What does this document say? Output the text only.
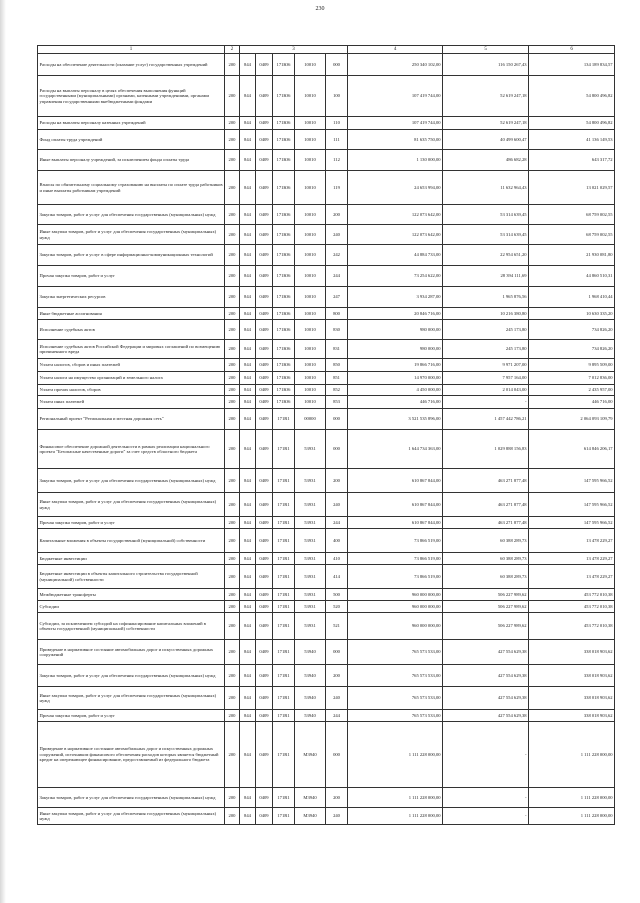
230
1	2	3					4	5	6
Расходы на обеспечение деятельности (оказание услуг) государственных учреждений	200	844	0409	171Ю6	10010	000	250 340 102,00	116 150 267,43	134 189 834,57
Расходы на выплаты персоналу в целях обеспечения выполнения функций государственными (муниципальными) органами, казенными учреждениями, органами управления государственными внебюджетными фондами	200	844	0409	171Ю6	10010	100	107 419 744,00	52 619 247,18	54 800 496,82
Расходы на выплаты персоналу казенных учреждений	200	844	0409	171Ю6	10010	110	107 419 744,00	52 619 247,18	54 800 496,82
Фонд оплаты труда учреждений	200	844	0409	171Ю6	10010	111	81 635 750,00	40 499 600,47	41 136 149,53
Иные выплаты персоналу учреждений, за исключением фонда оплаты труда	200	844	0409	171Ю6	10010	112	1 130 000,00	486 682,28	643 317,72
Взносы по обязательному социальному страхованию на выплаты по оплате труда работников и иные выплаты работникам учреждений	200	844	0409	171Ю6	10010	119	24 653 994,00	11 632 964,43	13 021 029,57
Закупка товаров, работ и услуг для обеспечения государственных (муниципальных) нужд	200	844	0409	171Ю6	10010	200	122 073 642,00	53 314 639,45	68 759 002,55
Иные закупки товаров, работ и услуг для обеспечения государственных (муниципальных) нужд	200	844	0409	171Ю6	10010	240	122 073 642,00	53 314 639,45	68 759 002,55
Закупка товаров, работ и услуг в сфере информационно-коммуникационных технологий	200	844	0409	171Ю6	10010	242	44 884 733,00	22 954 651,20	21 930 081,80
Прочая закупка товаров, работ и услуг	200	844	0409	171Ю6	10010	244	73 254 622,00	28 394 111,69	44 860 510,31
Закупка энергетических ресурсов	200	844	0409	171Ю6	10010	247	3 934 287,00	1 965 876,56	1 968 410,44
Иные бюджетные ассигнования	200	844	0409	171Ю6	10010	800	20 846 716,00	10 216 380,80	10 630 335,20
Исполнение судебных актов	200	844	0409	171Ю6	10010	830	980 000,00	245 173,80	734 826,20
Исполнение судебных актов Российской Федерации и мировых соглашений по возмещению причиненного вреда	200	844	0409	171Ю6	10010	831	980 000,00	245 173,80	734 826,20
Уплата налогов, сборов и иных платежей	200	844	0409	171Ю6	10010	850	19 866 716,00	9 971 207,00	9 895 509,00
Уплата налога на имущество организаций и земельного налога	200	844	0409	171Ю6	10010	851	14 970 000,00	7 957 164,00	7 012 836,00
Уплата прочих налогов, сборов	200	844	0409	171Ю6	10010	852	4 450 000,00	2 014 043,00	2 435 957,00
Уплата иных платежей	200	844	0409	171Ю6	10010	853	446 716,00	-	446 716,00
Региональный проект "Региональная и местная дорожная сеть"	200	844	0409	171R1	00000	000	3 521 535 896,00	1 457 442 786,21	2 064 093 109,79
Финансовое обеспечение дорожной деятельности в рамках реализации национального проекта "Безопасные качественные дороги" за счет средств областного бюджета	200	844	0409	171R1	53931	000	1 644 734 363,00	1 029 888 156,83	614 846 206,17
Закупка товаров, работ и услуг для обеспечения государственных (муниципальных) нужд	200	844	0409	171R1	53931	200	610 867 844,00	463 271 877,48	147 595 966,52
Иные закупки товаров, работ и услуг для обеспечения государственных (муниципальных) нужд	200	844	0409	171R1	53931	240	610 867 844,00	463 271 877,48	147 595 966,52
Прочая закупка товаров, работ и услуг	200	844	0409	171R1	53931	244	610 867 844,00	463 271 877,48	147 595 966,52
Капитальные вложения в объекты государственной (муниципальной) собственности	200	844	0409	171R1	53931	400	73 866 519,00	60 388 289,73	13 478 229,27
Бюджетные инвестиции	200	844	0409	171R1	53931	410	73 866 519,00	60 388 289,73	13 478 229,27
Бюджетные инвестиции в объекты капитального строительства государственной (муниципальной) собственности	200	844	0409	171R1	53931	414	73 866 519,00	60 388 289,73	13 478 229,27
Межбюджетные трансферты	200	844	0409	171R1	53931	500	960 000 000,00	506 227 989,62	453 772 010,38
Субсидии	200	844	0409	171R1	53931	520	960 000 000,00	506 227 989,62	453 772 010,38
Субсидии, за исключением субсидий на софинансирование капитальных вложений в объекты государственной (муниципальной) собственности	200	844	0409	171R1	53931	521	960 000 000,00	506 227 989,62	453 772 010,38
Приведение в нормативное состояние автомобильных дорог и искусственных дорожных сооружений	200	844	0409	171R1	53940	000	765 573 533,00	427 554 629,38	338 018 903,62
Закупка товаров, работ и услуг для обеспечения государственных (муниципальных) нужд	200	844	0409	171R1	53940	200	765 573 533,00	427 554 629,38	338 018 903,62
Иные закупки товаров, работ и услуг для обеспечения государственных (муниципальных) нужд	200	844	0409	171R1	53940	240	765 573 533,00	427 554 629,38	338 018 903,62
Прочая закупка товаров, работ и услуг	200	844	0409	171R1	53940	244	765 573 533,00	427 554 629,38	338 018 903,62
Приведение в нормативное состояние автомобильных дорог и искусственных дорожных сооружений, источником финансового обеспечения расходов которых является бюджетный кредит на опережающее финансирование, предоставляемый из федерального бюджета	200	844	0409	171R1	М3940	000	1 111 228 000,00	-	1 111 228 000,00
Закупка товаров, работ и услуг для обеспечения государственных (муниципальных) нужд	200	844	0409	171R1	М3940	200	1 111 228 000,00	-	1 111 228 000,00
Иные закупки товаров, работ и услуг для обеспечения государственных (муниципальных) нужд	200	844	0409	171R1	М3940	240	1 111 228 000,00	-	1 111 228 000,00
